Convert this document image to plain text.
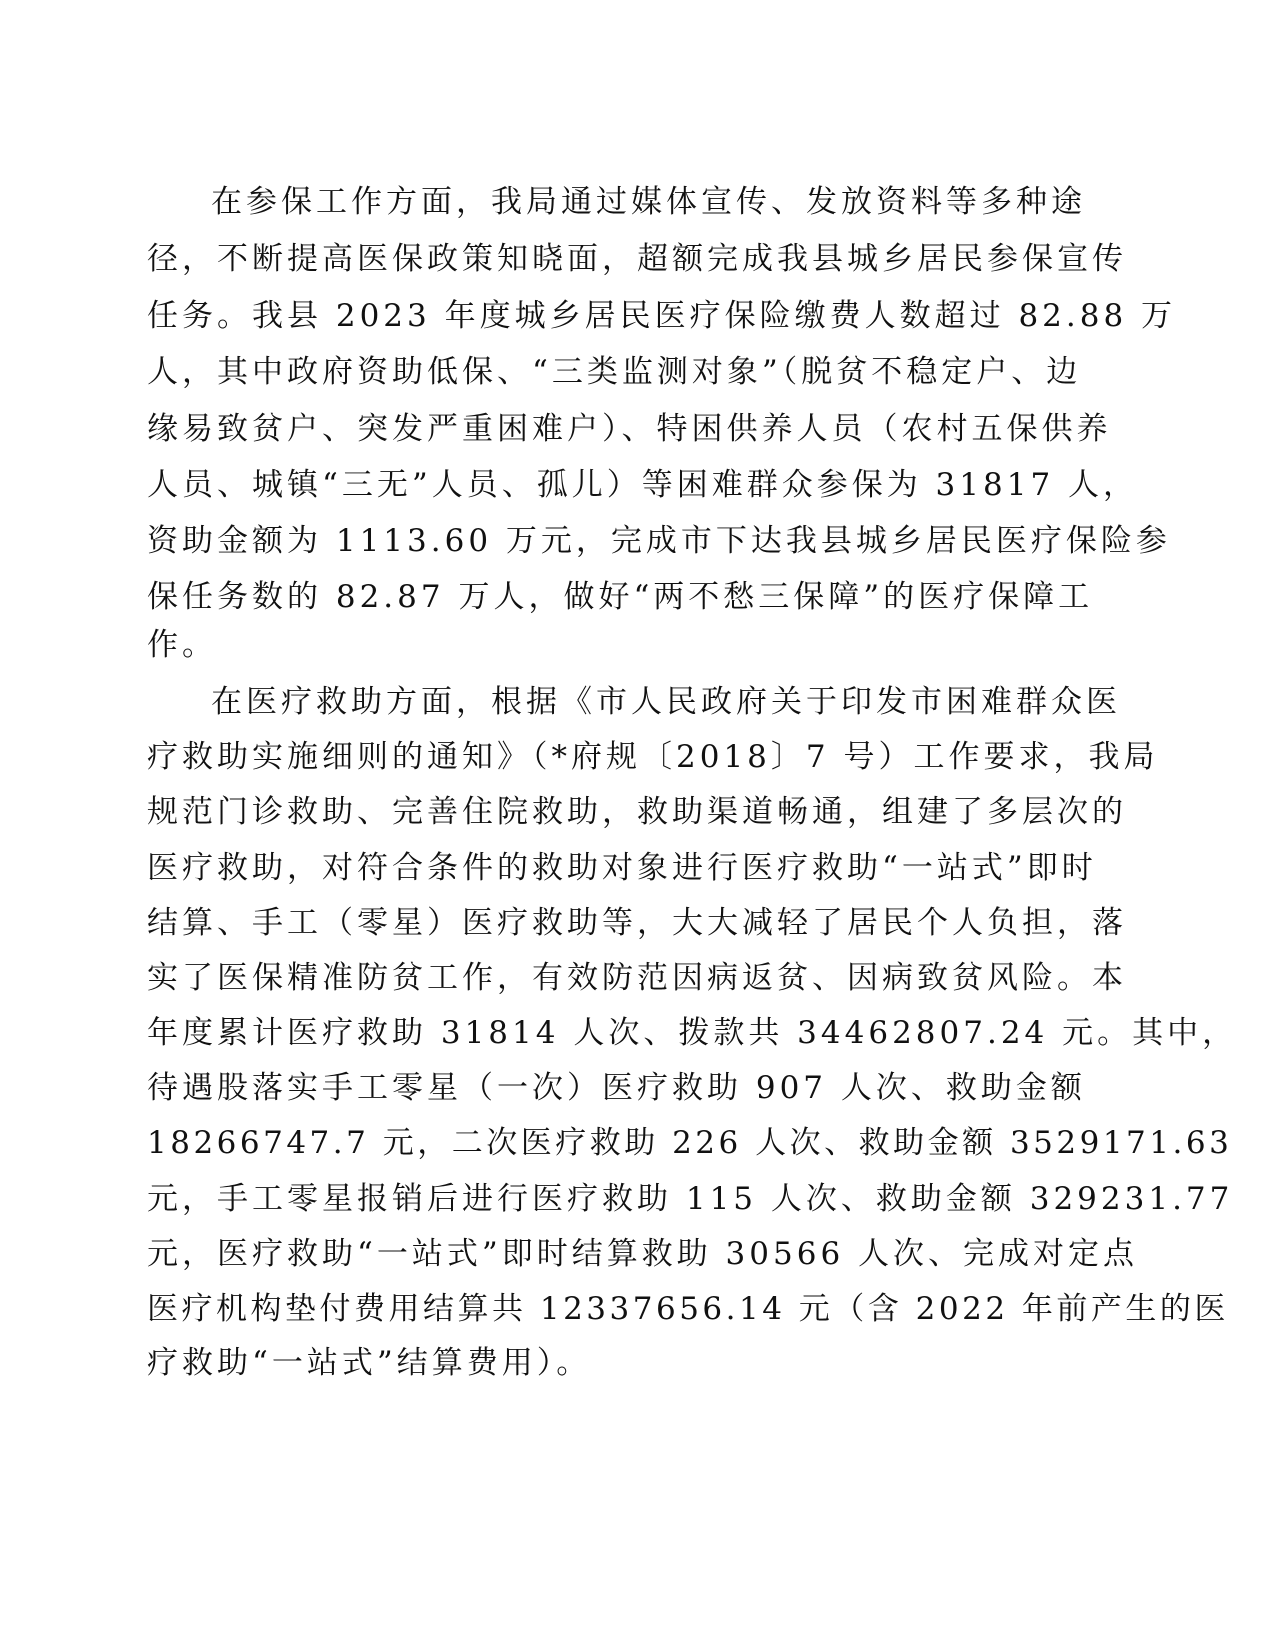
在参保工作方面，我局通过媒体宣传、发放资料等多种途
径，不断提高医保政策知晓面，超额完成我县城乡居民参保宣传
任务。我县 2023 年度城乡居民医疗保险缴费人数超过 82.88 万
人，其中政府资助低保、“三类监测对象”（脱贫不稳定户、边
缘易致贫户、突发严重困难户）、特困供养人员（农村五保供养
人员、城镇“三无”人员、孤儿）等困难群众参保为 31817 人，
资助金额为 1113.60 万元，完成市下达我县城乡居民医疗保险参
保任务数的 82.87 万人，做好“两不愁三保障”的医疗保障工
作。
在医疗救助方面，根据《市人民政府关于印发市困难群众医
疗救助实施细则的通知》（*府规〔2018〕7 号）工作要求，我局
规范门诊救助、完善住院救助，救助渠道畅通，组建了多层次的
医疗救助，对符合条件的救助对象进行医疗救助“一站式”即时
结算、手工（零星）医疗救助等，大大减轻了居民个人负担，落
实了医保精准防贫工作，有效防范因病返贫、因病致贫风险。本
年度累计医疗救助 31814 人次、拨款共 34462807.24 元。其中，
待遇股落实手工零星（一次）医疗救助 907 人次、救助金额
18266747.7 元，二次医疗救助 226 人次、救助金额 3529171.63
元，手工零星报销后进行医疗救助 115 人次、救助金额 329231.77
元，医疗救助“一站式”即时结算救助 30566 人次、完成对定点
医疗机构垫付费用结算共 12337656.14 元（含 2022 年前产生的医
疗救助“一站式”结算费用）。
